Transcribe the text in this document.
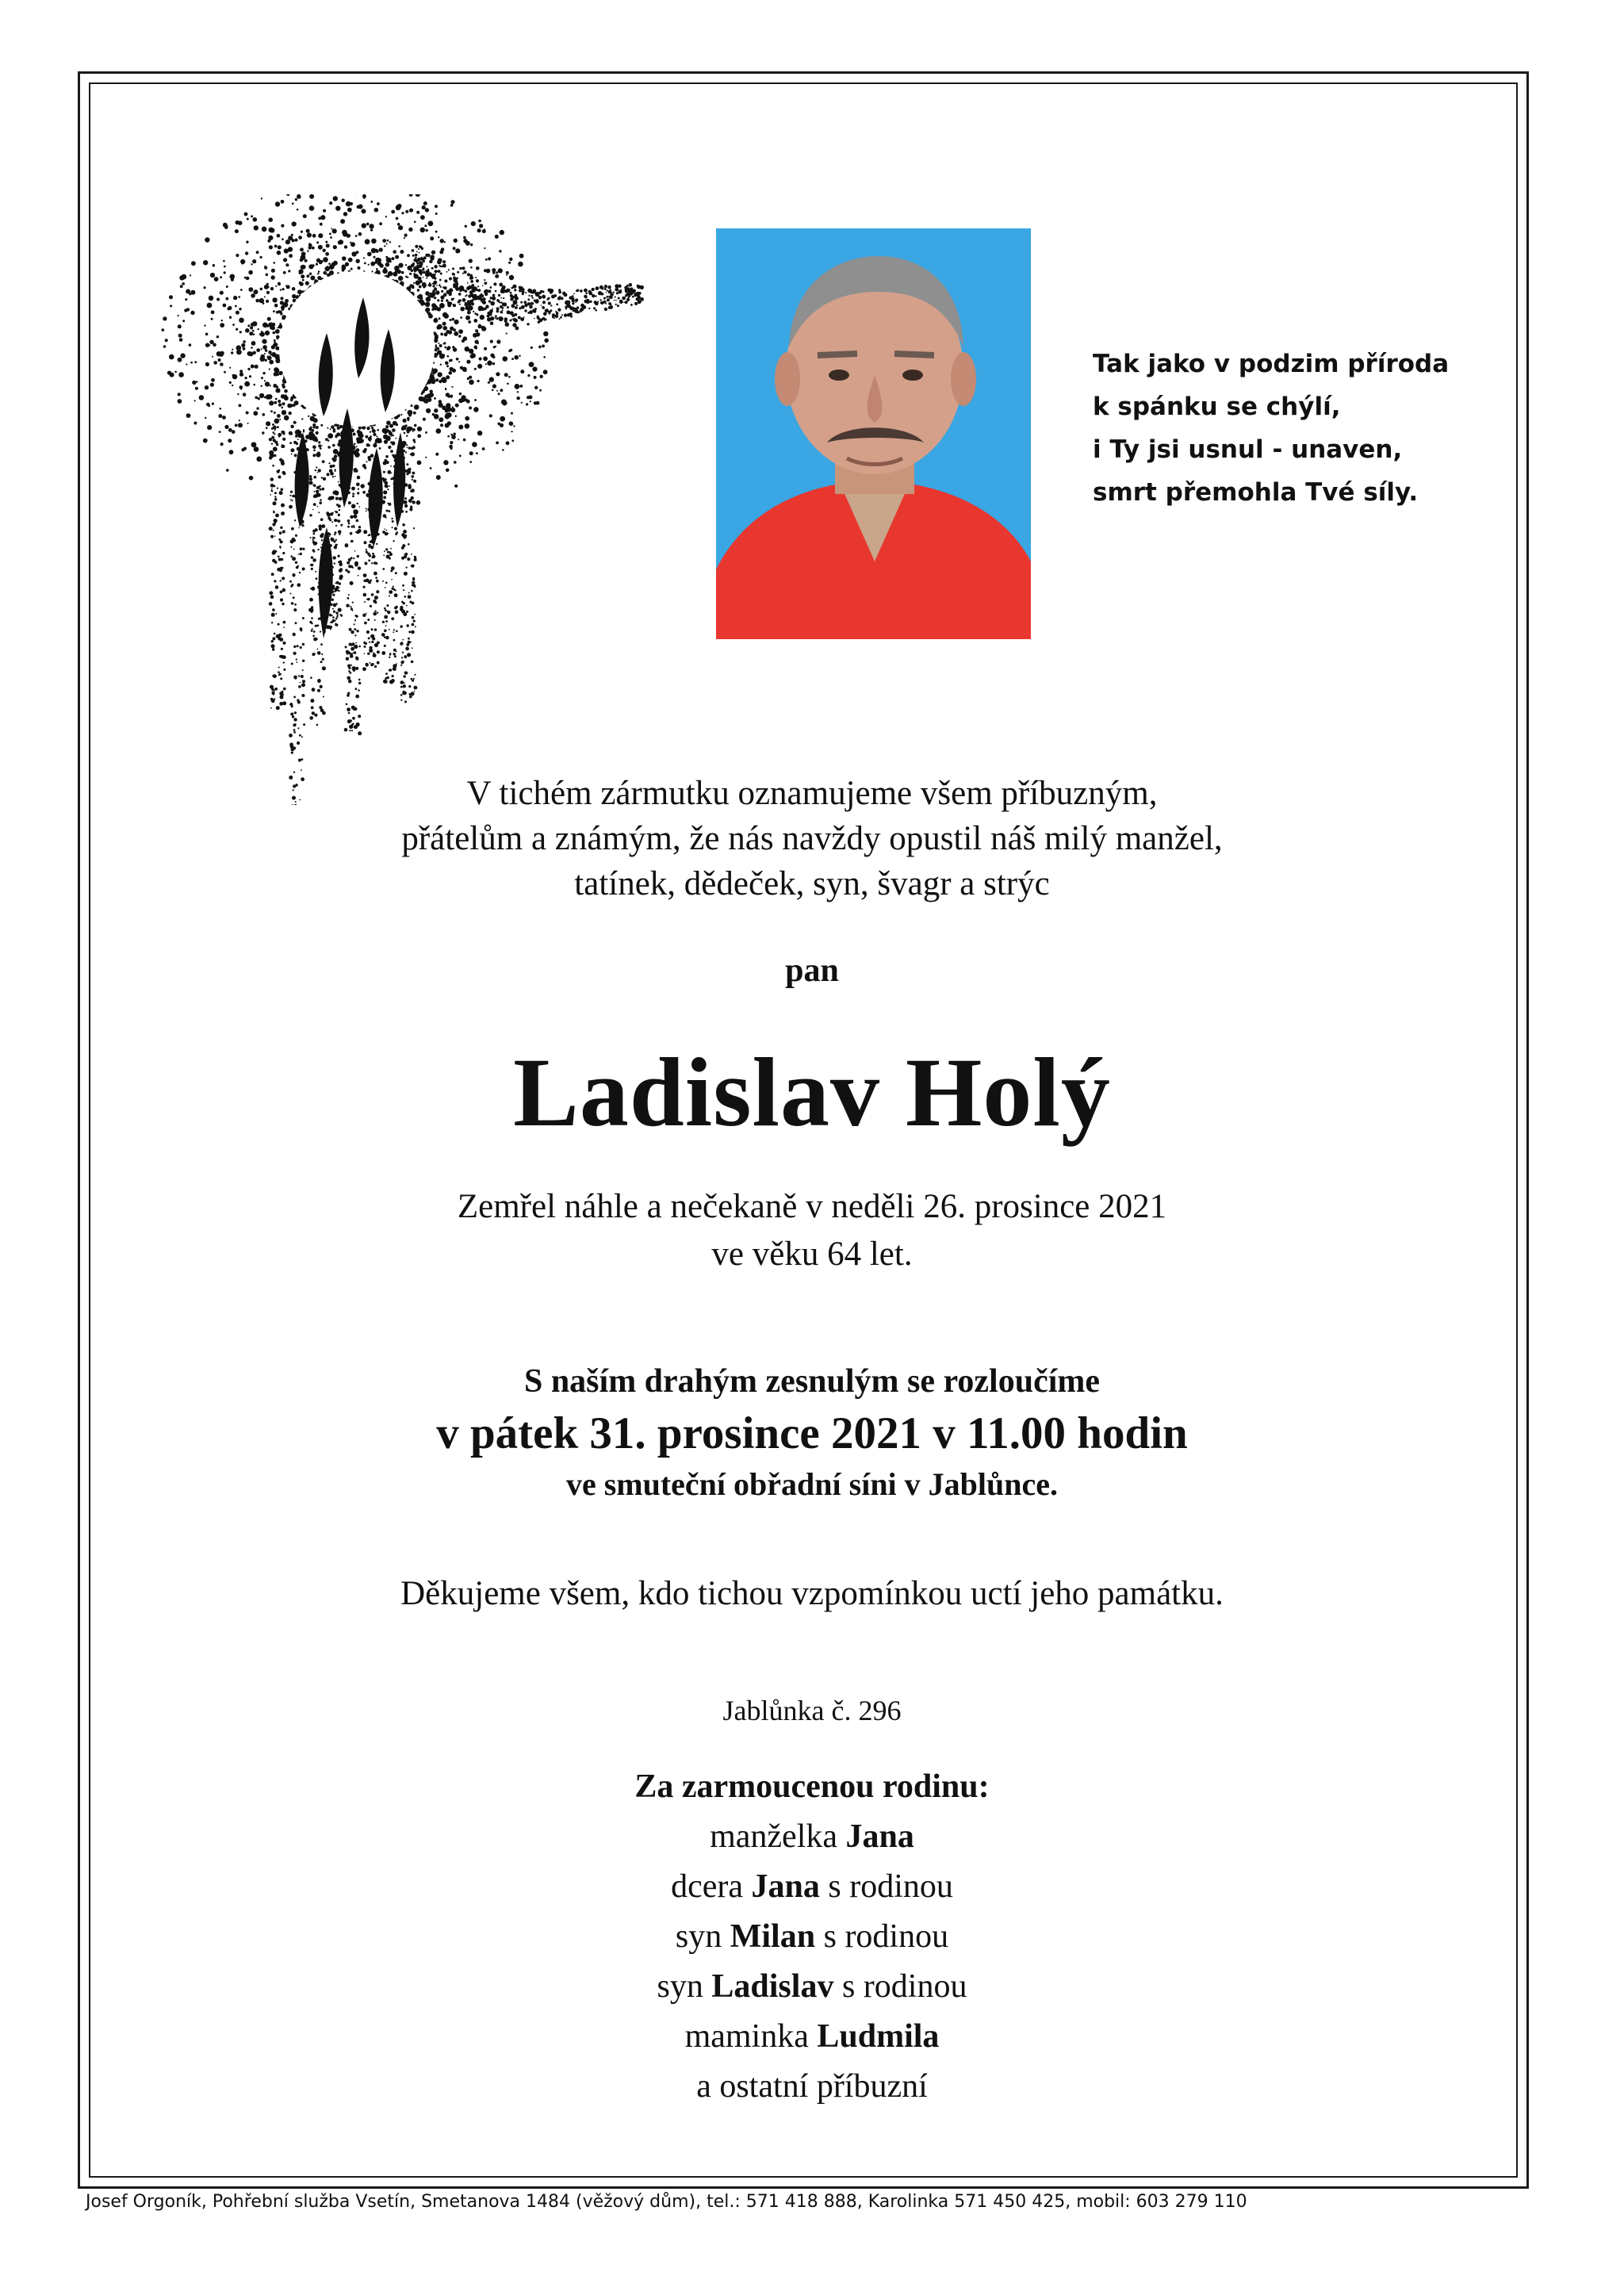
Tak jako v podzim příroda
k spánku se chýlí,
i Ty jsi usnul - unaven,
smrt přemohla Tvé síly.
V tichém zármutku oznamujeme všem příbuzným,
přátelům a známým, že nás navždy opustil náš milý manžel,
tatínek, dědeček, syn, švagr a strýc
pan
Ladislav Holý
Zemřel náhle a nečekaně v neděli 26. prosince 2021
ve věku 64 let.
S naším drahým zesnulým se rozloučíme
v pátek 31. prosince 2021 v 11.00 hodin
ve smuteční obřadní síni v Jablůnce.
Děkujeme všem, kdo tichou vzpomínkou uctí jeho památku.
Jablůnka č. 296
Za zarmoucenou rodinu:
manželka Jana
dcera Jana s rodinou
syn Milan s rodinou
syn Ladislav s rodinou
maminka Ludmila
a ostatní příbuzní
Josef Orgoník, Pohřební služba Vsetín, Smetanova 1484 (věžový dům), tel.: 571 418 888, Karolinka 571 450 425, mobil: 603 279 110
